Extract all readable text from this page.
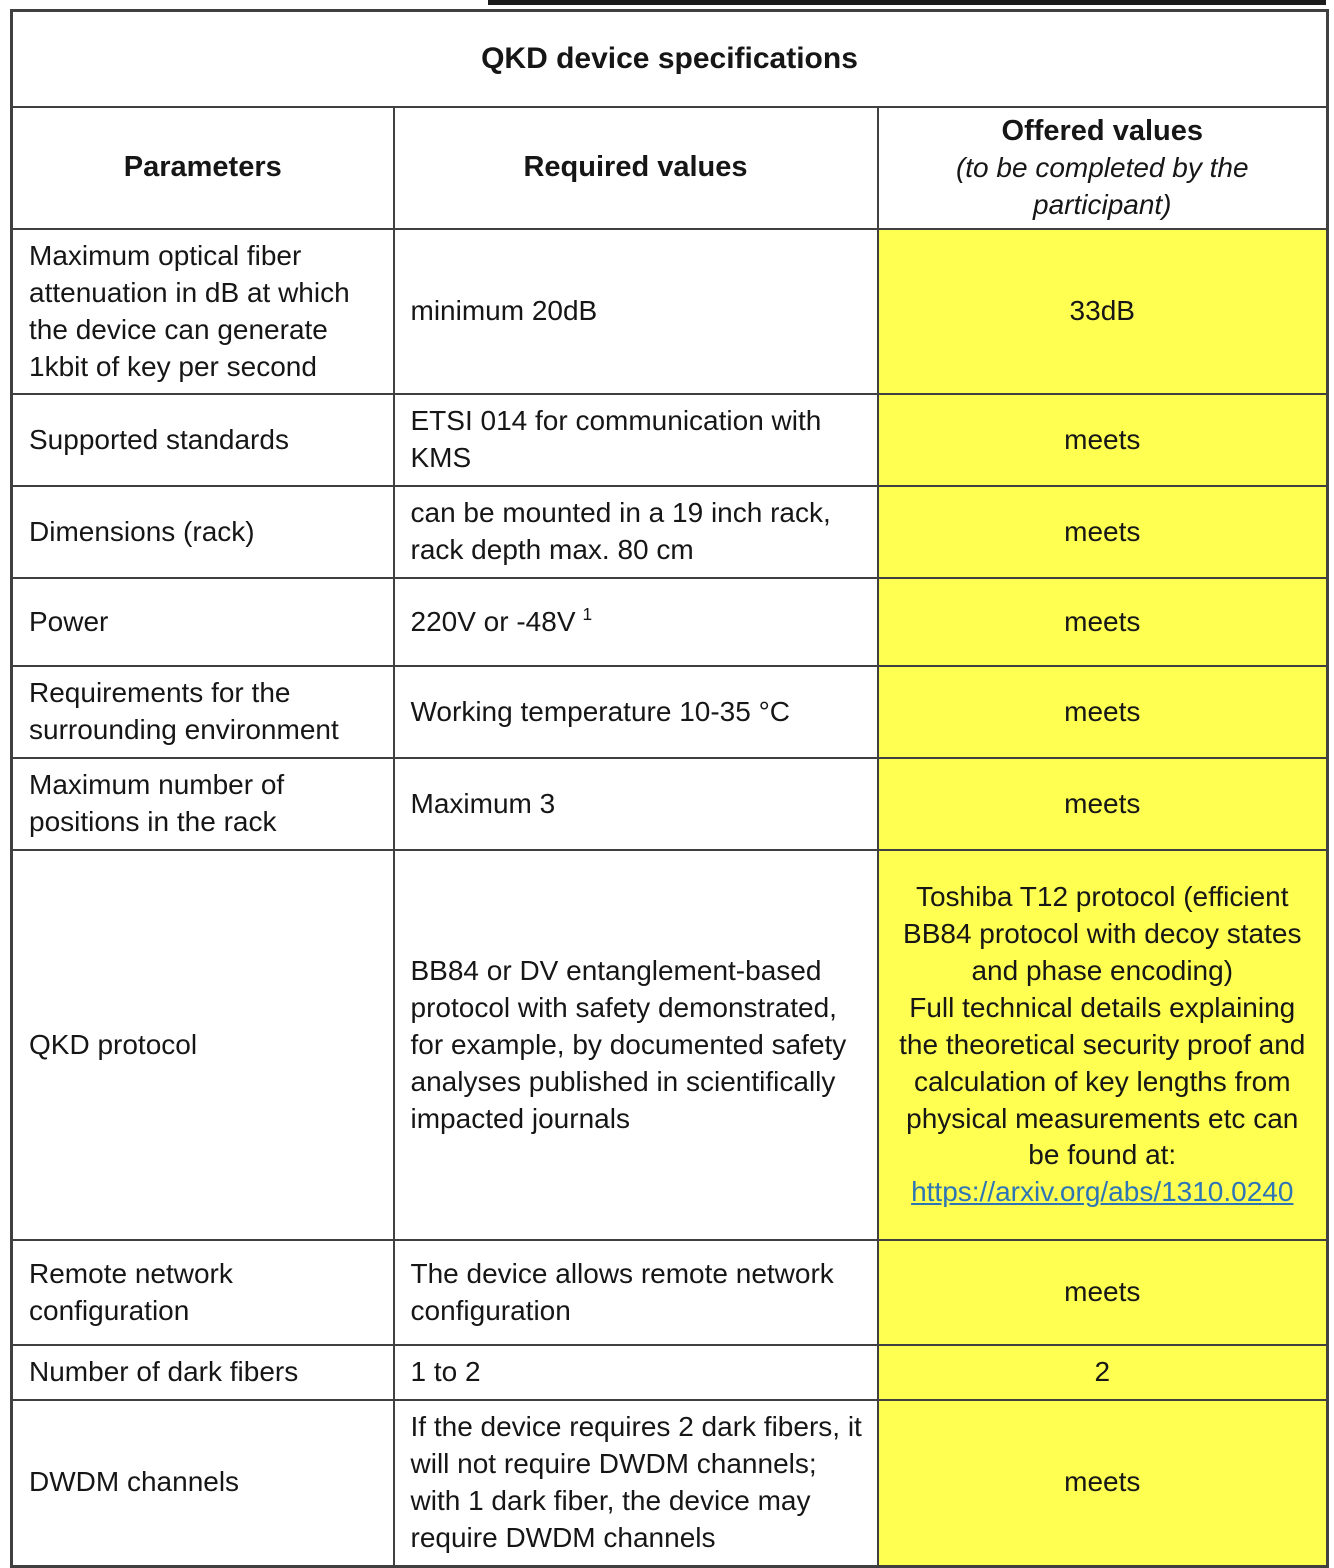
QKD device specifications		
Parameters	Required values	Offered values
(to be completed by the participant)

Maximum optical fiber attenuation in dB at which the device can generate 1kbit of key per second	minimum 20dB	33dB
Supported standards	ETSI 014 for communication with KMS	meets
Dimensions (rack)	can be mounted in a 19 inch rack, rack depth max. 80 cm	meets
Power	220V or -48V $^1$	meets
Requirements for the surrounding environment	Working temperature 10-35 °C	meets
Maximum number of positions in the rack	Maximum 3	meets
QKD protocol	BB84 or DV entanglement-based protocol with safety demonstrated, for example, by documented safety analyses published in scientifically impacted journals	Toshiba T12 protocol (efficient BB84 protocol with decoy states and phase encoding)
Full technical details explaining the theoretical security proof and calculation of key lengths from physical measurements etc can be found at:
https://arxiv.org/abs/1310.0240

Remote network configuration	The device allows remote network configuration	meets
Number of dark fibers	1 to 2	2
DWDM channels	If the device requires 2 dark fibers, it will not require DWDM channels; with 1 dark fiber, the device may require DWDM channels	meets
